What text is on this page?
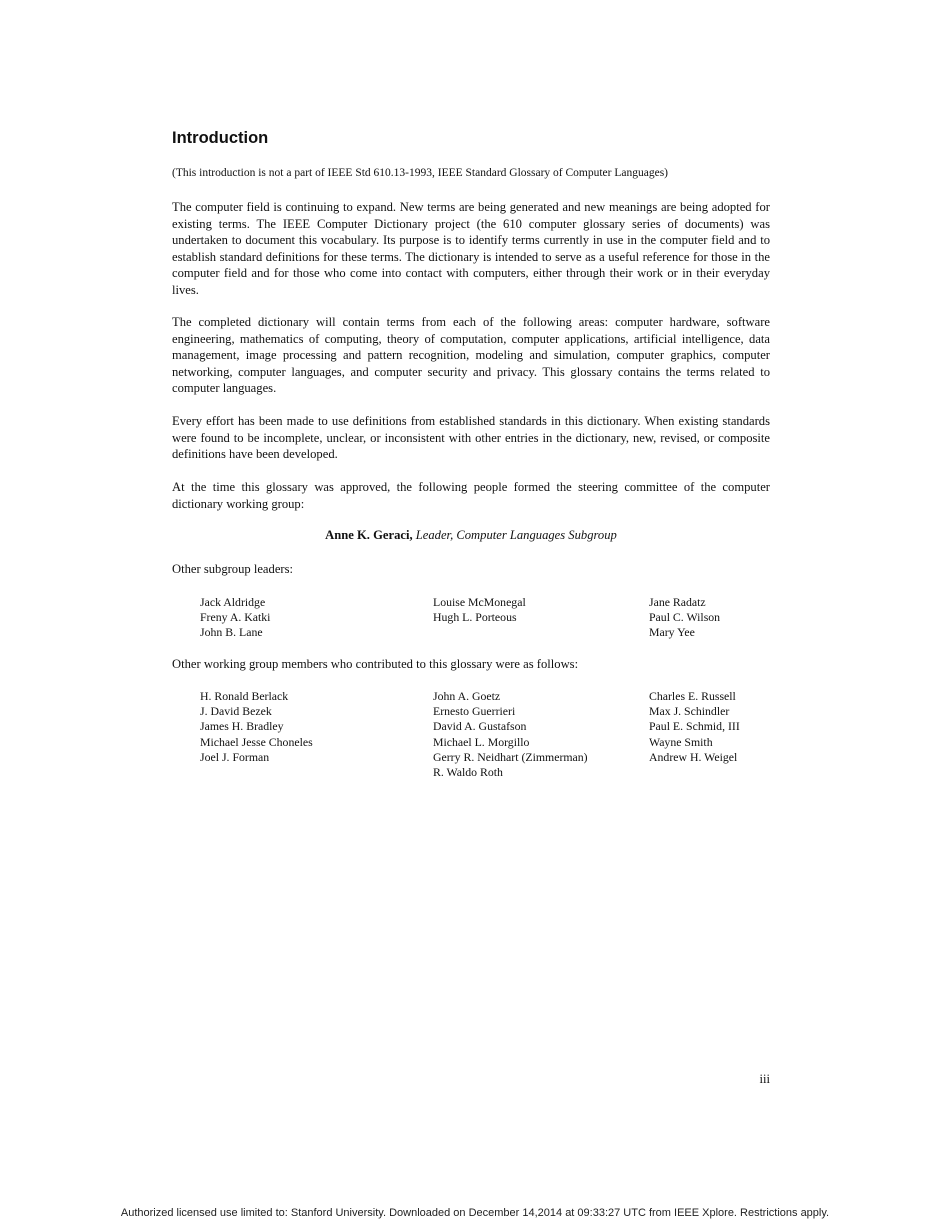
Introduction
(This introduction is not a part of IEEE Std 610.13-1993, IEEE Standard Glossary of Computer Languages)

The computer field is continuing to expand. New terms are being generated and new meanings are being adopted for existing terms. The IEEE Computer Dictionary project (the 610 computer glossary series of documents) was undertaken to document this vocabulary. Its purpose is to identify terms currently in use in the computer field and to establish standard definitions for these terms. The dictionary is intended to serve as a useful reference for those in the computer field and for those who come into contact with computers, either through their work or in their everyday lives.

The completed dictionary will contain terms from each of the following areas: computer hardware, software engineering, mathematics of computing, theory of computation, computer applications, artificial intelligence, data management, image processing and pattern recognition, modeling and simulation, computer graphics, computer networking, computer languages, and computer security and privacy. This glossary contains the terms related to computer languages.

Every effort has been made to use definitions from established standards in this dictionary. When existing standards were found to be incomplete, unclear, or inconsistent with other entries in the dictionary, new, revised, or composite definitions have been developed.

At the time this glossary was approved, the following people formed the steering committee of the computer dictionary working group:

Anne K. Geraci, Leader, Computer Languages Subgroup
Other subgroup leaders:
Jack Aldridge
Freny A. Katki
John B. Lane
Louise McMonegal
Hugh L. Porteous
Jane Radatz
Paul C. Wilson
Mary Yee
Other working group members who contributed to this glossary were as follows:
H. Ronald Berlack
J. David Bezek
James H. Bradley
Michael Jesse Choneles
Joel J. Forman
John A. Goetz
Ernesto Guerrieri
David A. Gustafson
Michael L. Morgillo
Gerry R. Neidhart (Zimmerman)
R. Waldo Roth
Charles E. Russell
Max J. Schindler
Paul E. Schmid, III
Wayne Smith
Andrew H. Weigel
iii
Authorized licensed use limited to: Stanford University. Downloaded on December 14,2014 at 09:33:27 UTC from IEEE Xplore. Restrictions apply.
